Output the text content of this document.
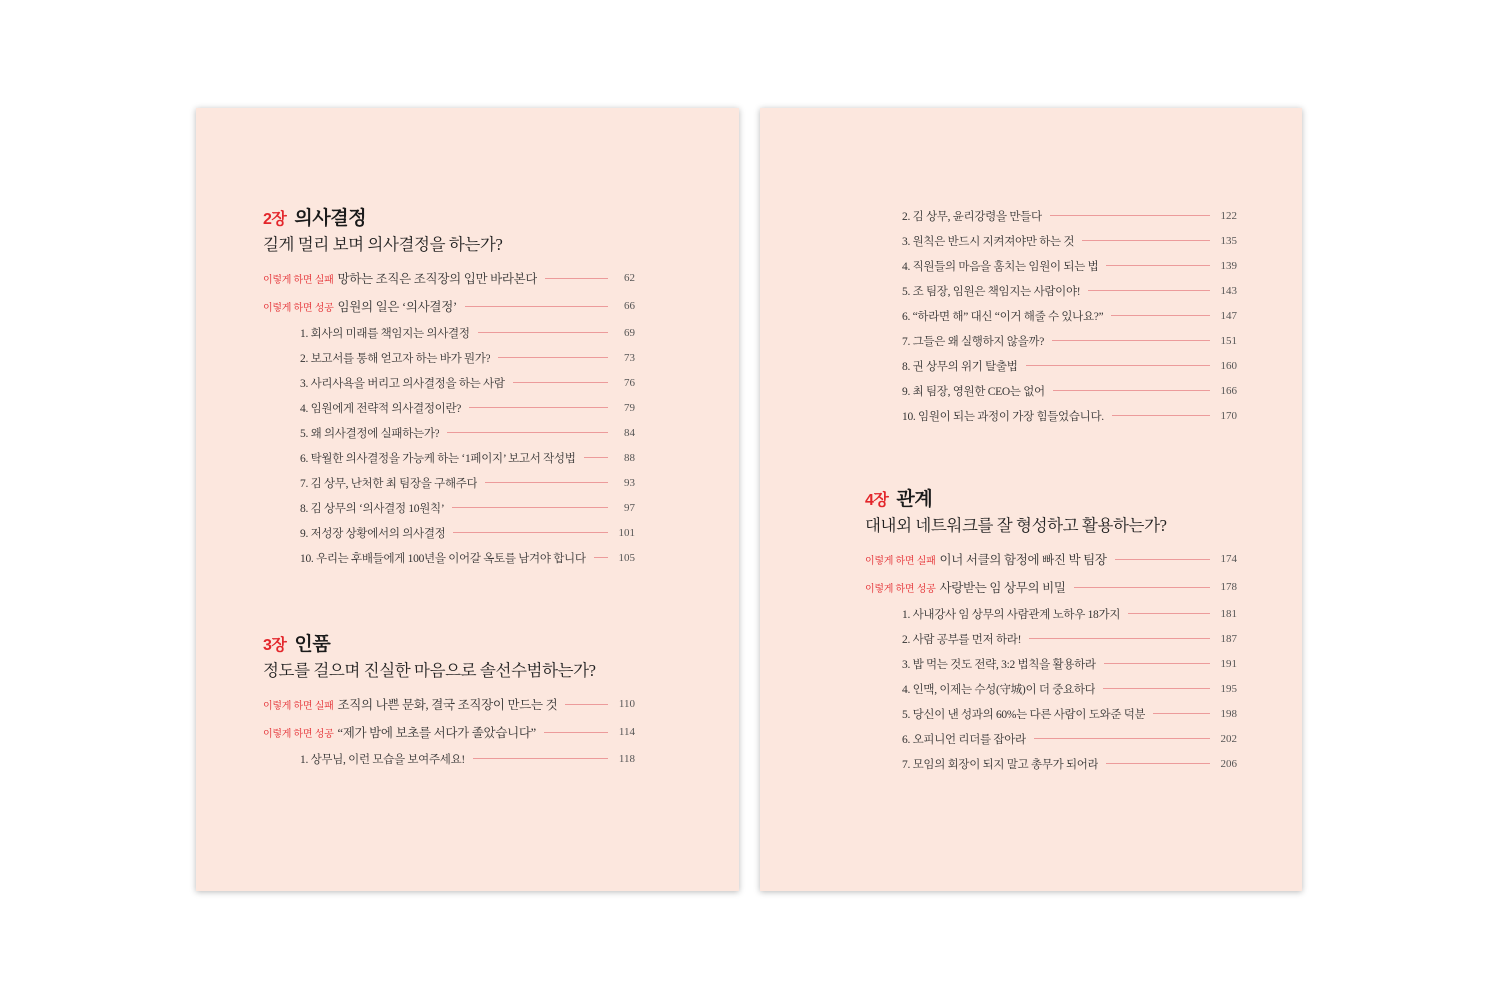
2장 의사결정
길게 멀리 보며 의사결정을 하는가?
이렇게 하면 실패 망하는 조직은 조직장의 입만 바라본다	62
이렇게 하면 성공 임원의 일은 ‘의사결정’	66
1. 회사의 미래를 책임지는 의사결정	69
2. 보고서를 통해 얻고자 하는 바가 뭔가?	73
3. 사리사욕을 버리고 의사결정을 하는 사람	76
4. 임원에게 전략적 의사결정이란?	79
5. 왜 의사결정에 실패하는가?	84
6. 탁월한 의사결정을 가능케 하는 ‘1페이지’ 보고서 작성법	88
7. 김 상무, 난처한 최 팀장을 구해주다	93
8. 김 상무의 ‘의사결정 10원칙’	97
9. 저성장 상황에서의 의사결정	101
10. 우리는 후배들에게 100년을 이어갈 옥토를 남겨야 합니다	105
3장 인품
정도를 걸으며 진실한 마음으로 솔선수범하는가?
이렇게 하면 실패 조직의 나쁜 문화, 결국 조직장이 만드는 것	110
이렇게 하면 성공 “제가 밤에 보초를 서다가 졸았습니다”	114
1. 상무님, 이런 모습을 보여주세요!	118
2. 김 상무, 윤리강령을 만들다	122
3. 원칙은 반드시 지켜져야만 하는 것	135
4. 직원들의 마음을 훔치는 임원이 되는 법	139
5. 조 팀장, 임원은 책임지는 사람이야!	143
6. “하라면 해” 대신 “이거 해줄 수 있나요?”	147
7. 그들은 왜 실행하지 않을까?	151
8. 권 상무의 위기 탈출법	160
9. 최 팀장, 영원한 CEO는 없어	166
10. 임원이 되는 과정이 가장 힘들었습니다.	170
4장 관계
대내외 네트워크를 잘 형성하고 활용하는가?
이렇게 하면 실패 이너 서클의 함정에 빠진 박 팀장	174
이렇게 하면 성공 사랑받는 임 상무의 비밀	178
1. 사내강사 임 상무의 사람관계 노하우 18가지	181
2. 사람 공부를 먼저 하라!	187
3. 밥 먹는 것도 전략, 3:2 법칙을 활용하라	191
4. 인맥, 이제는 수성(守城)이 더 중요하다	195
5. 당신이 낸 성과의 60%는 다른 사람이 도와준 덕분	198
6. 오피니언 리더를 잡아라	202
7. 모임의 회장이 되지 말고 총무가 되어라	206
